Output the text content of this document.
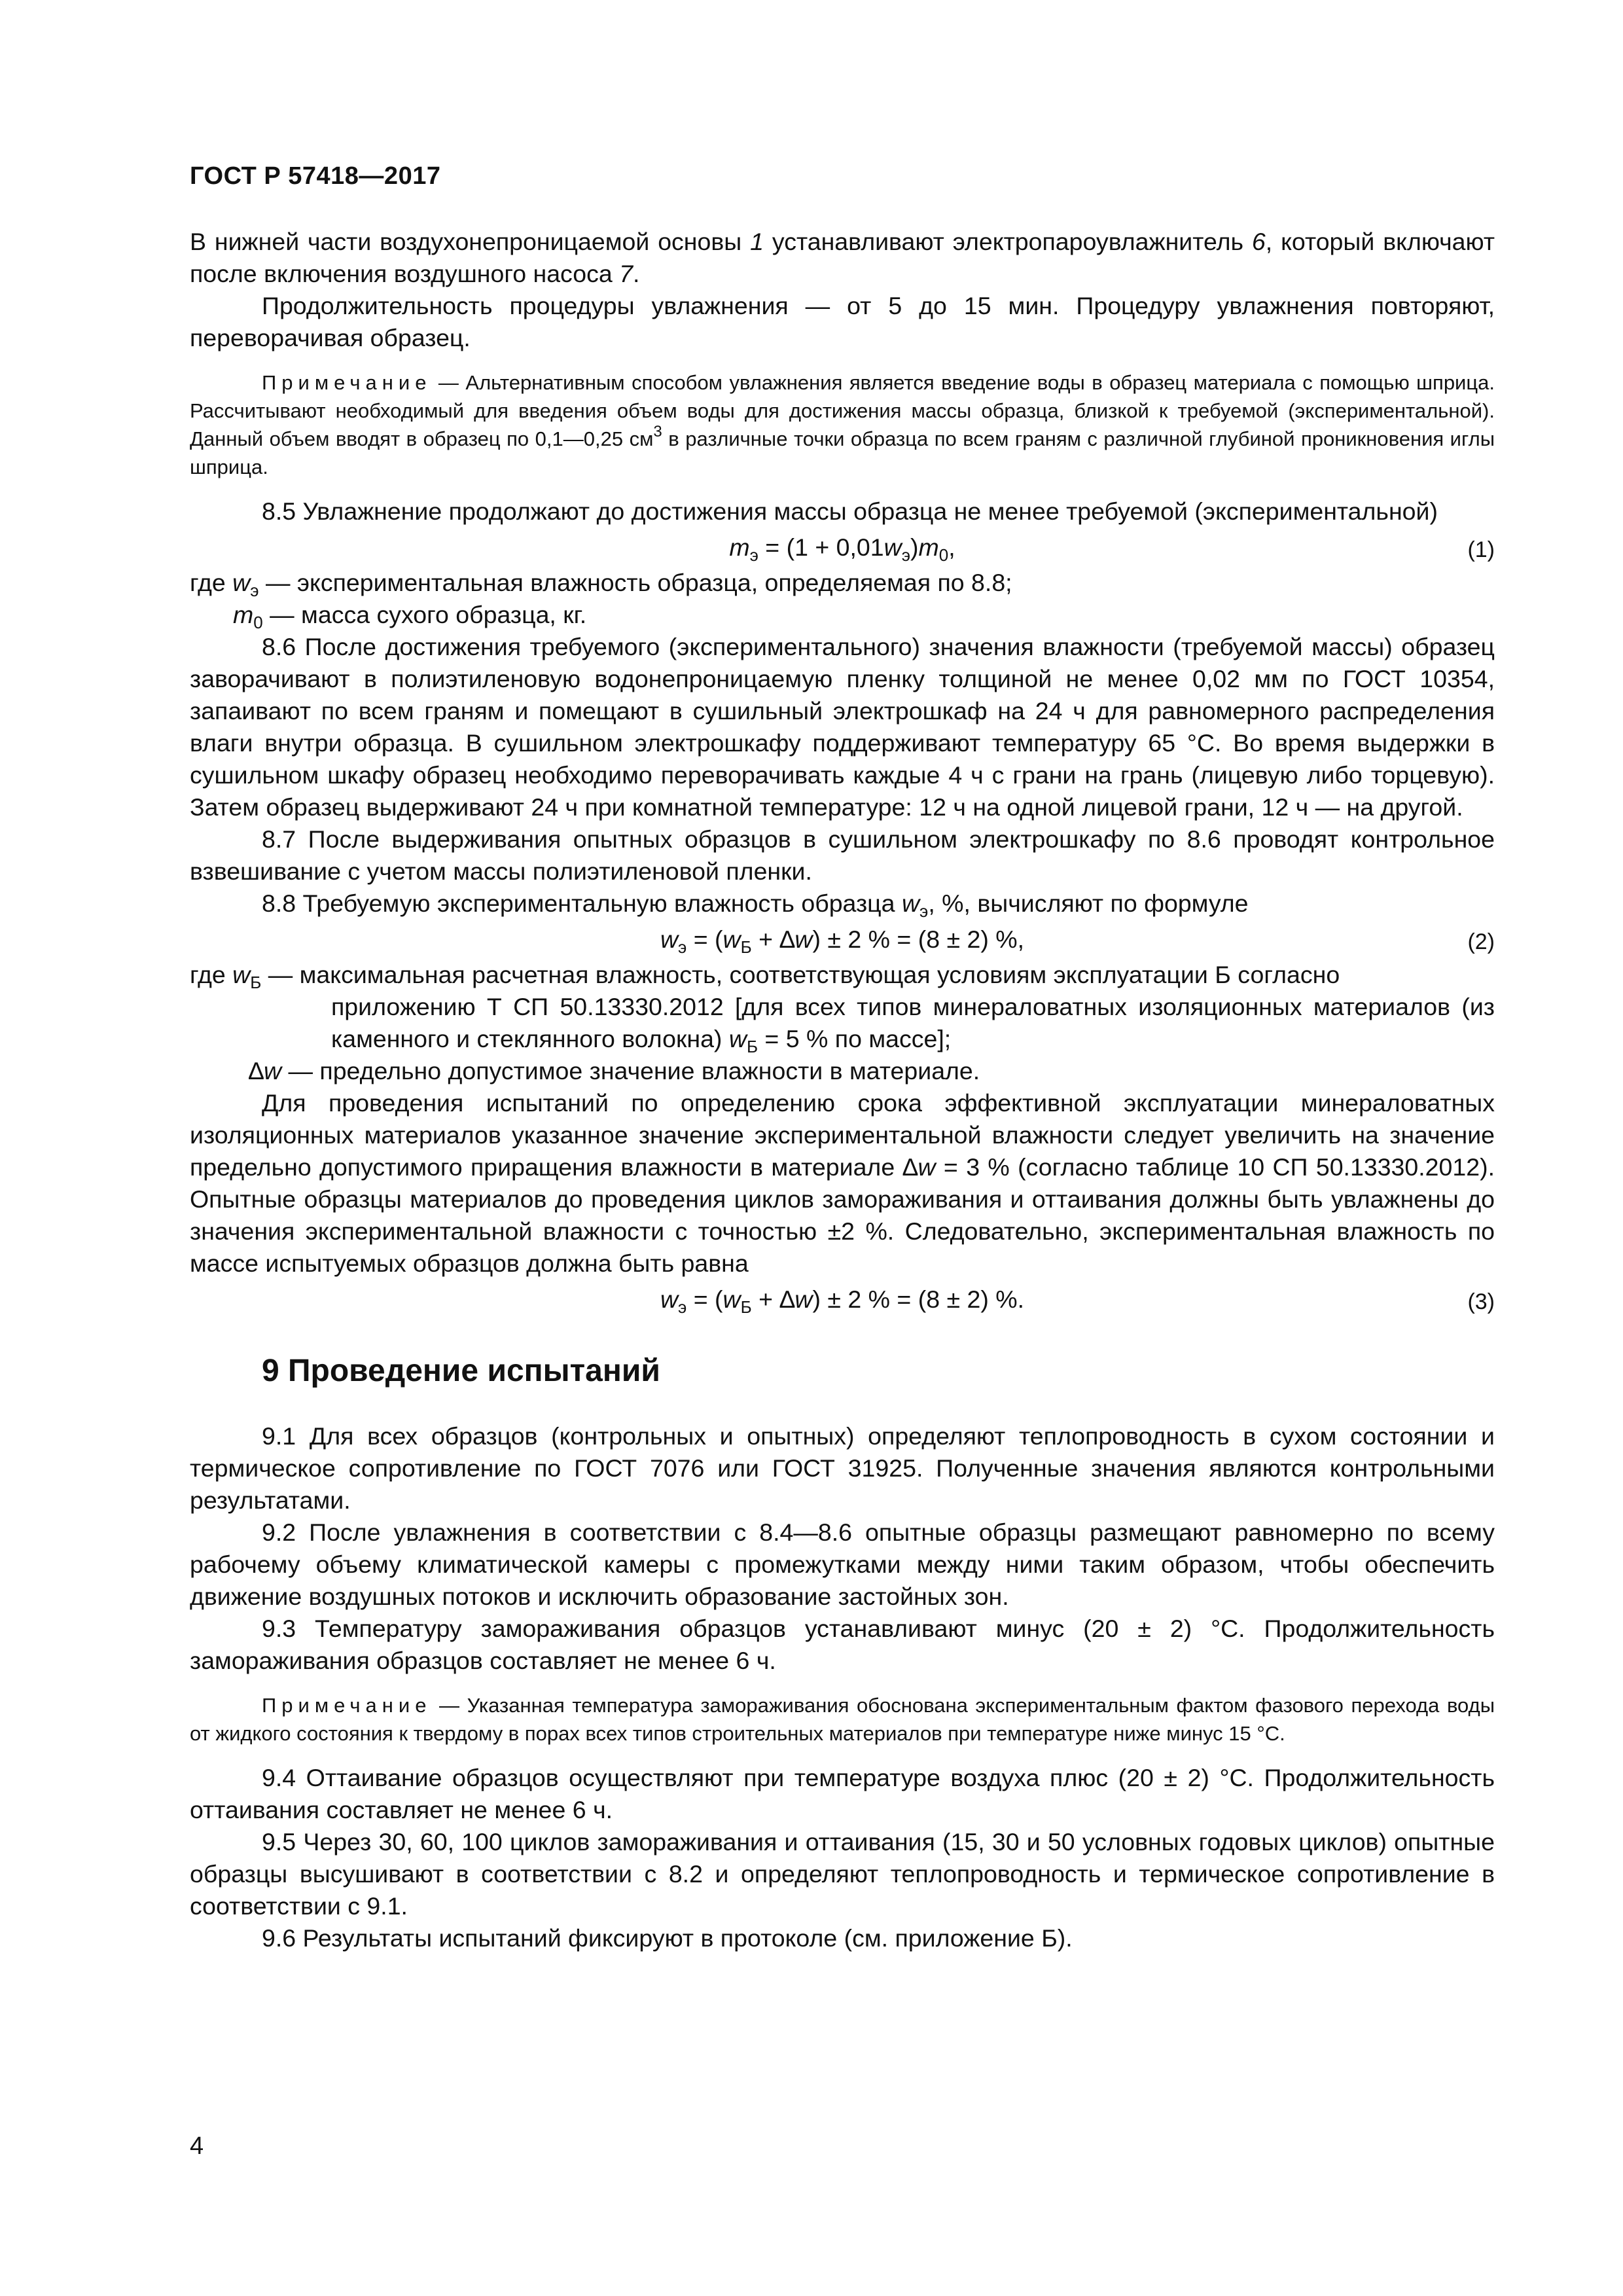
ГОСТ Р 57418—2017

В нижней части воздухонепроницаемой основы 1 устанавливают электропароувлажнитель 6, который включают после включения воздушного насоса 7.

Продолжительность процедуры увлажнения — от 5 до 15 мин. Процедуру увлажнения повторяют, переворачивая образец.

Примечание — Альтернативным способом увлажнения является введение воды в образец материала с помощью шприца. Рассчитывают необходимый для введения объем воды для достижения массы образца, близкой к требуемой (экспериментальной). Данный объем вводят в образец по 0,1—0,25 $см^3$ в различные точки образца по всем граням с различной глубиной проникновения иглы шприца.

8.5 Увлажнение продолжают до достижения массы образца не менее требуемой (экспериментальной)

$m_э = (1 + 0,01w_э)m_0$,	(1)

где $w_э$ — экспериментальная влажность образца, определяемая по 8.8;

$m_0$ — масса сухого образца, кг.

8.6 После достижения требуемого (экспериментального) значения влажности (требуемой массы) образец заворачивают в полиэтиленовую водонепроницаемую пленку толщиной не менее 0,02 мм по ГОСТ 10354, запаивают по всем граням и помещают в сушильный электрошкаф на 24 ч для равномерного распределения влаги внутри образца. В сушильном электрошкафу поддерживают температуру 65 °С. Во время выдержки в сушильном шкафу образец необходимо переворачивать каждые 4 ч с грани на грань (лицевую либо торцевую). Затем образец выдерживают 24 ч при комнатной температуре: 12 ч на одной лицевой грани, 12 ч — на другой.

8.7 После выдерживания опытных образцов в сушильном электрошкафу по 8.6 проводят контрольное взвешивание с учетом массы полиэтиленовой пленки.

8.8 Требуемую экспериментальную влажность образца $w_э$, %, вычисляют по формуле

$w_э = (w_Б + \Delta w) \pm 2$ % = (8 ± 2) %,	(2)

где $w_Б$ — максимальная расчетная влажность, соответствующая условиям эксплуатации Б согласно

приложению Т СП 50.13330.2012 [для всех типов минераловатных изоляционных материалов (из каменного и стеклянного волокна) $w_Б = 5$ % по массе];

∆w — предельно допустимое значение влажности в материале.

Для проведения испытаний по определению срока эффективной эксплуатации минераловатных изоляционных материалов указанное значение экспериментальной влажности следует увеличить на значение предельно допустимого приращения влажности в материале ∆w = 3 % (согласно таблице 10 СП 50.13330.2012). Опытные образцы материалов до проведения циклов замораживания и оттаивания должны быть увлажнены до значения экспериментальной влажности с точностью ±2 %. Следовательно, экспериментальная влажность по массе испытуемых образцов должна быть равна

$w_э = (w_Б + \Delta w) \pm 2$ % = (8 ± 2) %.	(3)
9 Проведение испытаний

9.1 Для всех образцов (контрольных и опытных) определяют теплопроводность в сухом состоянии и термическое сопротивление по ГОСТ 7076 или ГОСТ 31925. Полученные значения являются контрольными результатами.

9.2 После увлажнения в соответствии с 8.4—8.6 опытные образцы размещают равномерно по всему рабочему объему климатической камеры с промежутками между ними таким образом, чтобы обеспечить движение воздушных потоков и исключить образование застойных зон.

9.3 Температуру замораживания образцов устанавливают минус (20 ± 2) °С. Продолжительность замораживания образцов составляет не менее 6 ч.

Примечание — Указанная температура замораживания обоснована экспериментальным фактом фазового перехода воды от жидкого состояния к твердому в порах всех типов строительных материалов при температуре ниже минус 15 °С.

9.4 Оттаивание образцов осуществляют при температуре воздуха плюс (20 ± 2) °С. Продолжительность оттаивания составляет не менее 6 ч.

9.5 Через 30, 60, 100 циклов замораживания и оттаивания (15, 30 и 50 условных годовых циклов) опытные образцы высушивают в соответствии с 8.2 и определяют теплопроводность и термическое сопротивление в соответствии с 9.1.

9.6 Результаты испытаний фиксируют в протоколе (см. приложение Б).

4
